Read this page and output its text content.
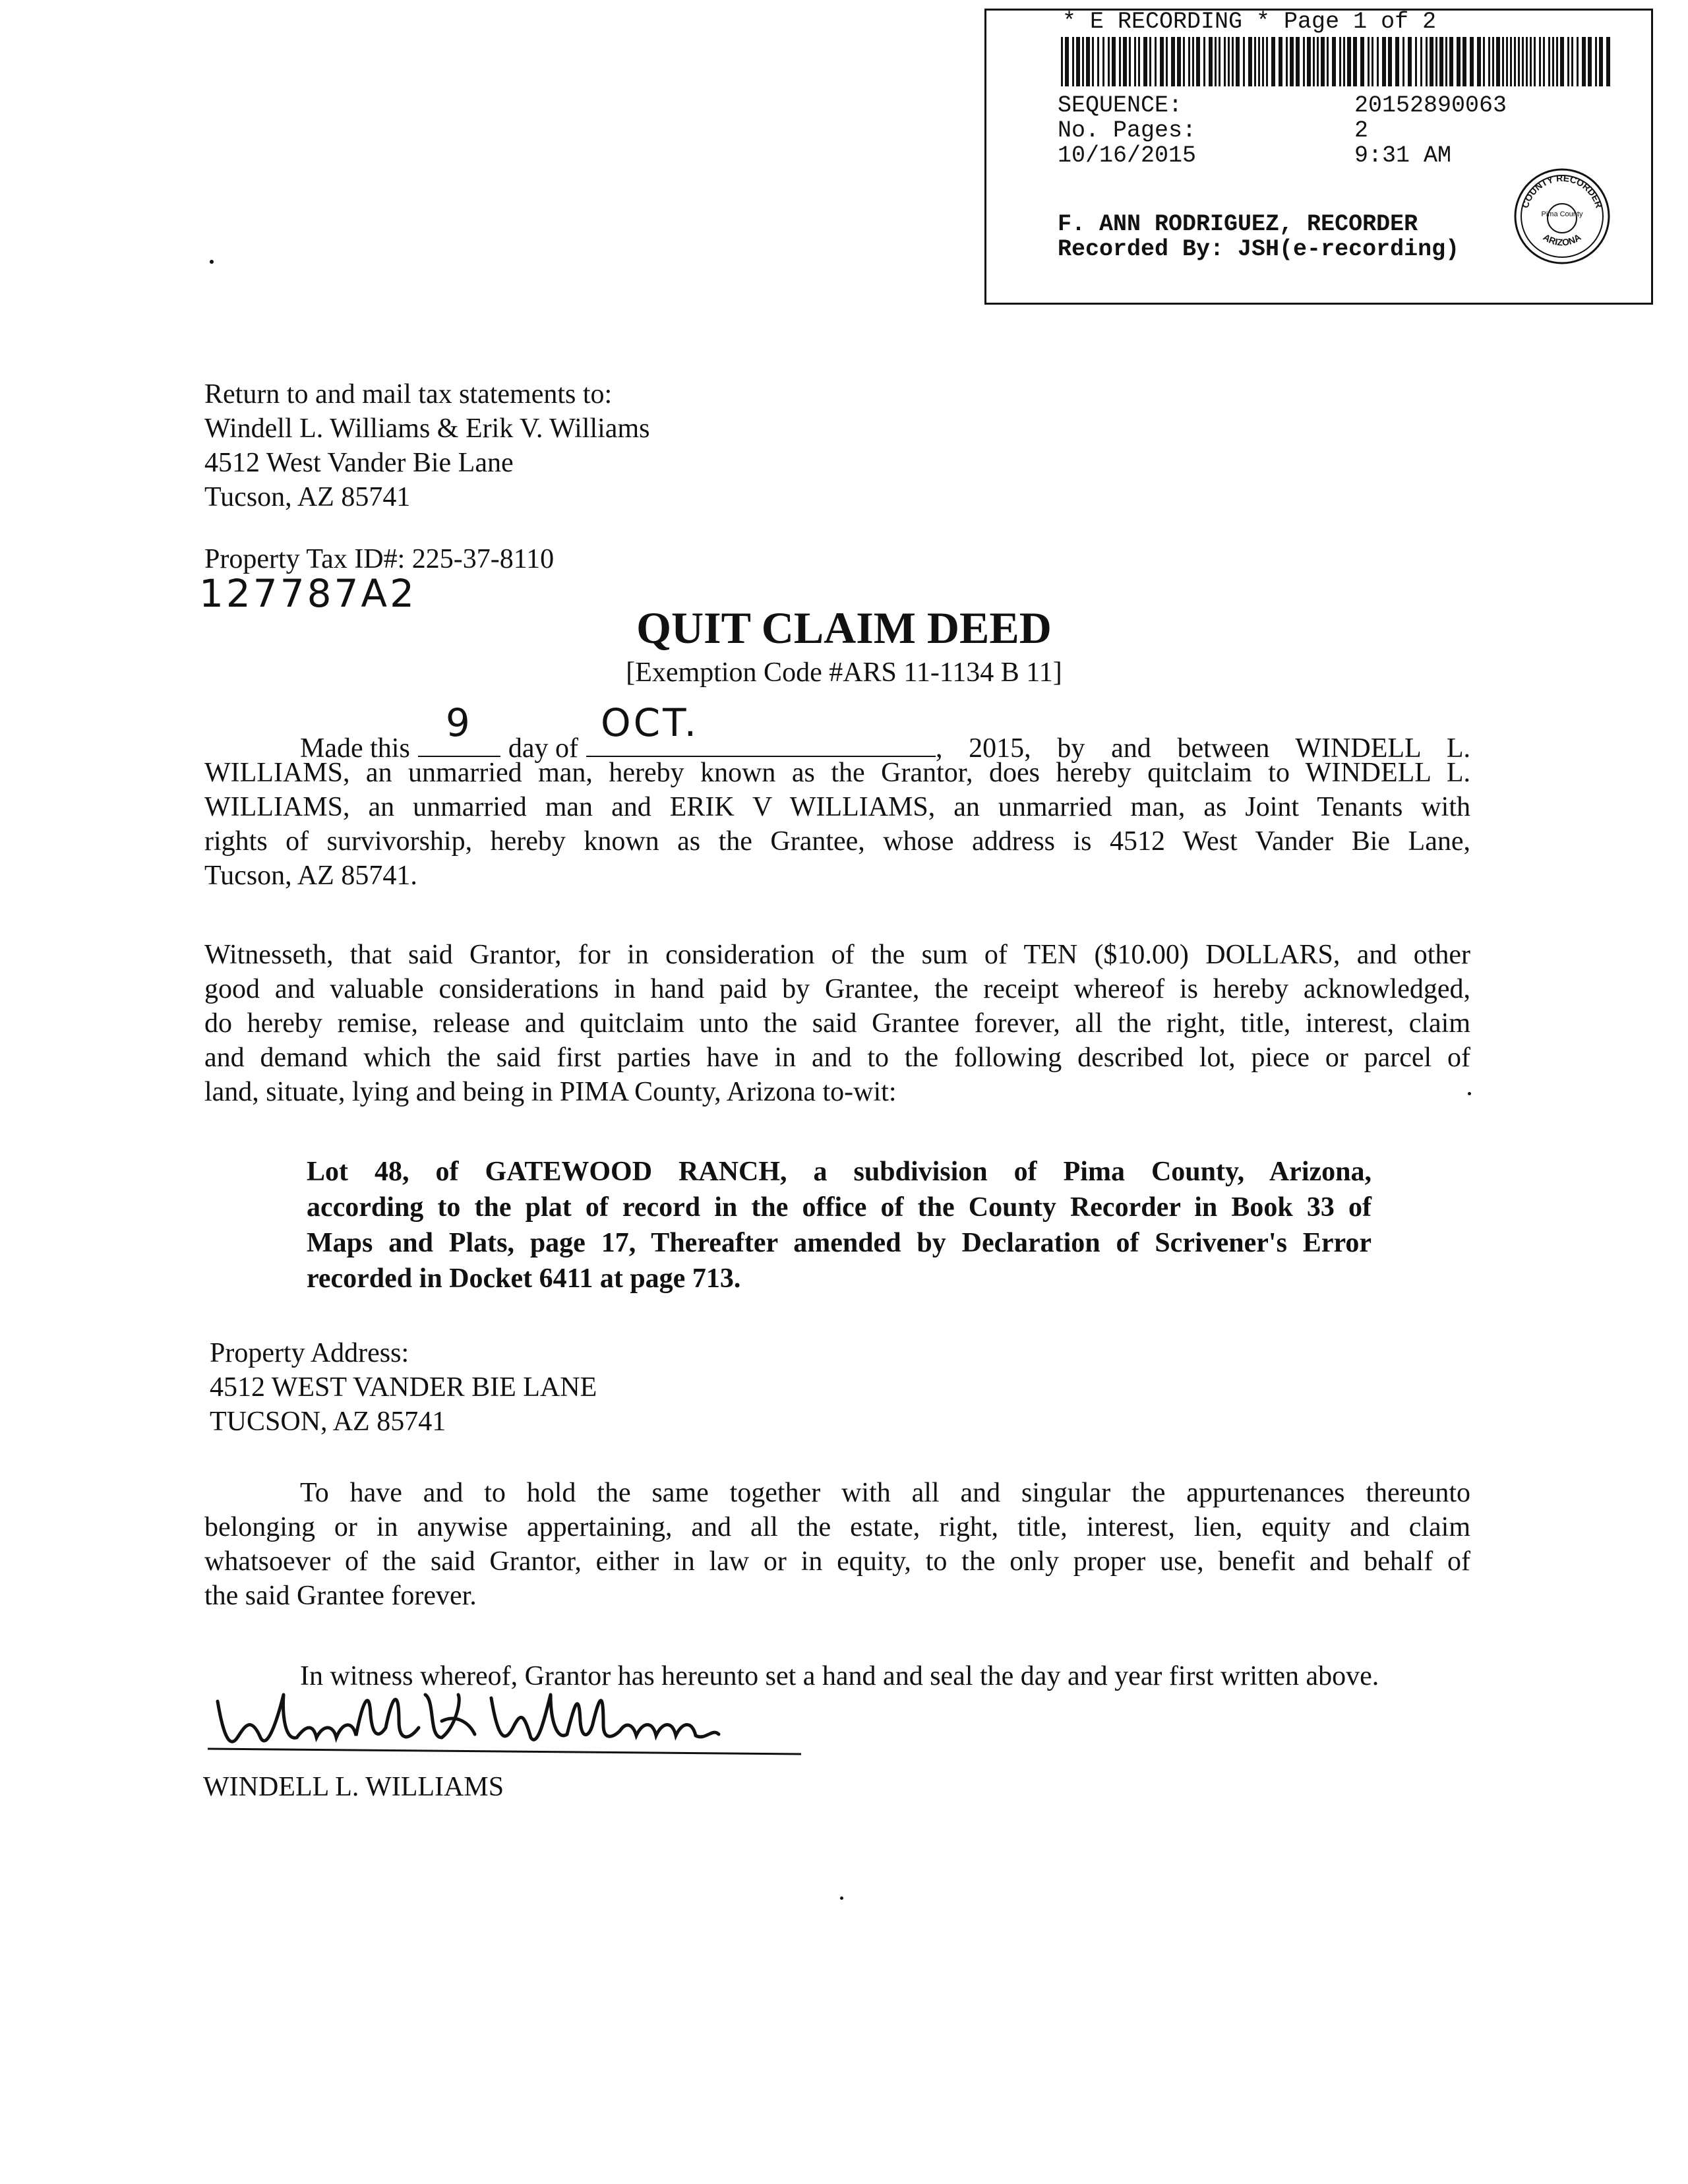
* E RECORDING * Page 1 of 2
SEQUENCE:	20152890063
No. Pages:	2
10/16/2015	9:31 AM
F. ANN RODRIGUEZ, RECORDER
Recorded By: JSH(e-recording)
COUNTY RECORDER
Pima County
ARIZONA
Return to and mail tax statements to:
Windell L. Williams & Erik V. Williams
4512 West Vander Bie Lane
Tucson, AZ 85741
Property Tax ID#: 225-37-8110
127787A2
QUIT CLAIM DEED
[Exemption Code #ARS 11-1134 B 11]
Made this
9
day of
OCT.
, 2015, by and between WINDELL L.
WILLIAMS, an unmarried man, hereby known as the Grantor, does hereby quitclaim to WINDELL L.
WILLIAMS, an unmarried man and ERIK V WILLIAMS, an unmarried man, as Joint Tenants with
rights of survivorship, hereby known as the Grantee, whose address is 4512 West Vander Bie Lane,
Tucson, AZ 85741.
Witnesseth, that said Grantor, for in consideration of the sum of TEN ($10.00) DOLLARS, and other
good and valuable considerations in hand paid by Grantee, the receipt whereof is hereby acknowledged,
do hereby remise, release and quitclaim unto the said Grantee forever, all the right, title, interest, claim
and demand which the said first parties have in and to the following described lot, piece or parcel of
land, situate, lying and being in PIMA County, Arizona to-wit:
Lot 48, of GATEWOOD RANCH, a subdivision of Pima County, Arizona,
according to the plat of record in the office of the County Recorder in Book 33 of
Maps and Plats, page 17, Thereafter amended by Declaration of Scrivener's Error
recorded in Docket 6411 at page 713.
Property Address:
4512 WEST VANDER BIE LANE
TUCSON, AZ 85741
To have and to hold the same together with all and singular the appurtenances thereunto
belonging or in anywise appertaining, and all the estate, right, title, interest, lien, equity and claim
whatsoever of the said Grantor, either in law or in equity, to the only proper use, benefit and behalf of
the said Grantee forever.
In witness whereof, Grantor has hereunto set a hand and seal the day and year first written above.
WINDELL L. WILLIAMS
